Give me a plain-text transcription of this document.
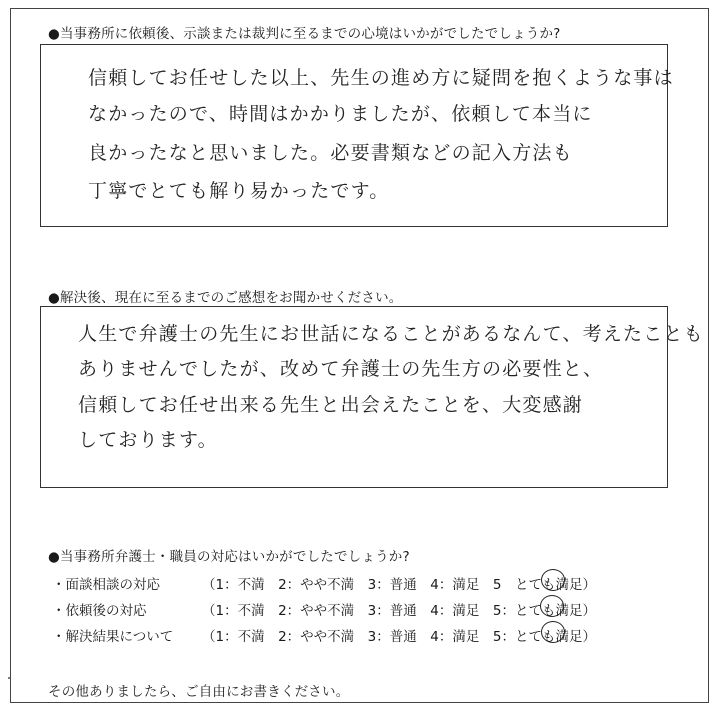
●当事務所に依頼後、示談または裁判に至るまでの心境はいかがでしたでしょうか?
信頼してお任せした以上、先生の進め方に疑問を抱くような事は
なかったので、時間はかかりましたが、依頼して本当に
良かったなと思いました。必要書類などの記入方法も
丁寧でとても解り易かったです。
●解決後、現在に至るまでのご感想をお聞かせください。
人生で弁護士の先生にお世話になることがあるなんて、考えたことも
ありませんでしたが、改めて弁護士の先生方の必要性と、
信頼してお任せ出来る先生と出会えたことを、大変感謝
しております。
●当事務所弁護士・職員の対応はいかがでしたでしょうか?
・面談相談の対応	（1：不満　2：やや不満　3：普通　4：満足　5　とても満足）
・依頼後の対応	（1：不満　2：やや不満　3：普通　4：満足　5：とても満足）
・解決結果について （1：不満　2：やや不満　3：普通　4：満足　5：とても満足）
その他ありましたら、ご自由にお書きください。
